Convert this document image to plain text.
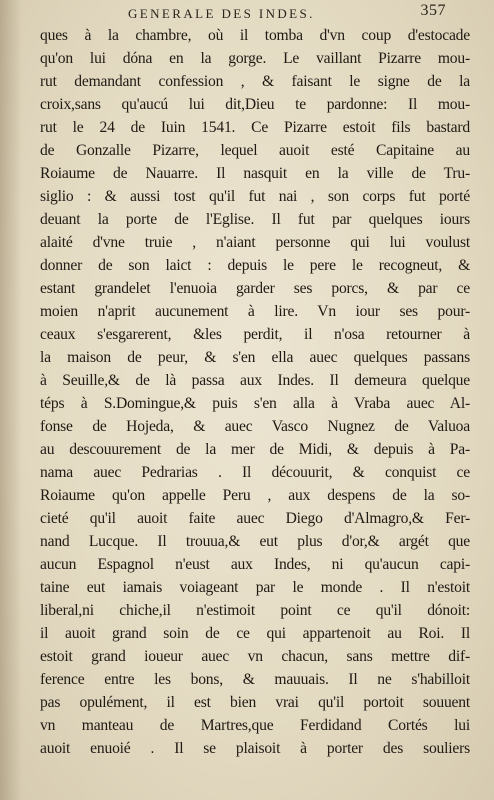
GENERALE DES INDES.	357
ques à la chambre, où il tomba d'vn coup d'estocade
qu'on lui dóna en la gorge. Le vaillant Pizarre mou-
rut demandant confession , & faisant le signe de la
croix,sans qu'aucú lui dit,Dieu te pardonne: Il mou-
rut le 24 de Iuin 1541. Ce Pizarre estoit fils bastard
de Gonzalle Pizarre, lequel auoit esté Capitaine au
Roiaume de Nauarre. Il nasquit en la ville de Tru-
siglio : & aussi tost qu'il fut nai , son corps fut porté
deuant la porte de l'Eglise. Il fut par quelques iours
alaité d'vne truie , n'aiant personne qui lui voulust
donner de son laict : depuis le pere le recogneut, &
estant grandelet l'enuoia garder ses porcs, & par ce
moien n'aprit aucunement à lire. Vn iour ses pour-
ceaux s'esgarerent, &les perdit, il n'osa retourner à
la maison de peur, & s'en ella auec quelques passans
à Seuille,& de là passa aux Indes. Il demeura quelque
téps à S.Domingue,& puis s'en alla à Vraba auec Al-
fonse de Hojeda, & auec Vasco Nugnez de Valuoa
au descouurement de la mer de Midi, & depuis à Pa-
nama auec Pedrarias . Il découurit, & conquist ce
Roiaume qu'on appelle Peru , aux despens de la so-
cieté qu'il auoit faite auec Diego d'Almagro,& Fer-
nand Lucque. Il trouua,& eut plus d'or,& argét que
aucun Espagnol n'eust aux Indes, ni qu'aucun capi-
taine eut iamais voiageant par le monde . Il n'estoit
liberal,ni chiche,il n'estimoit point ce qu'il dónoit:
il auoit grand soin de ce qui appartenoit au Roi. Il
estoit grand ioueur auec vn chacun, sans mettre dif-
ference entre les bons, & mauuais. Il ne s'habilloit
pas opulément, il est bien vrai qu'il portoit souuent
vn manteau de Martres,que Ferdidand Cortés lui
auoit enuoié . Il se plaisoit à porter des souliers
